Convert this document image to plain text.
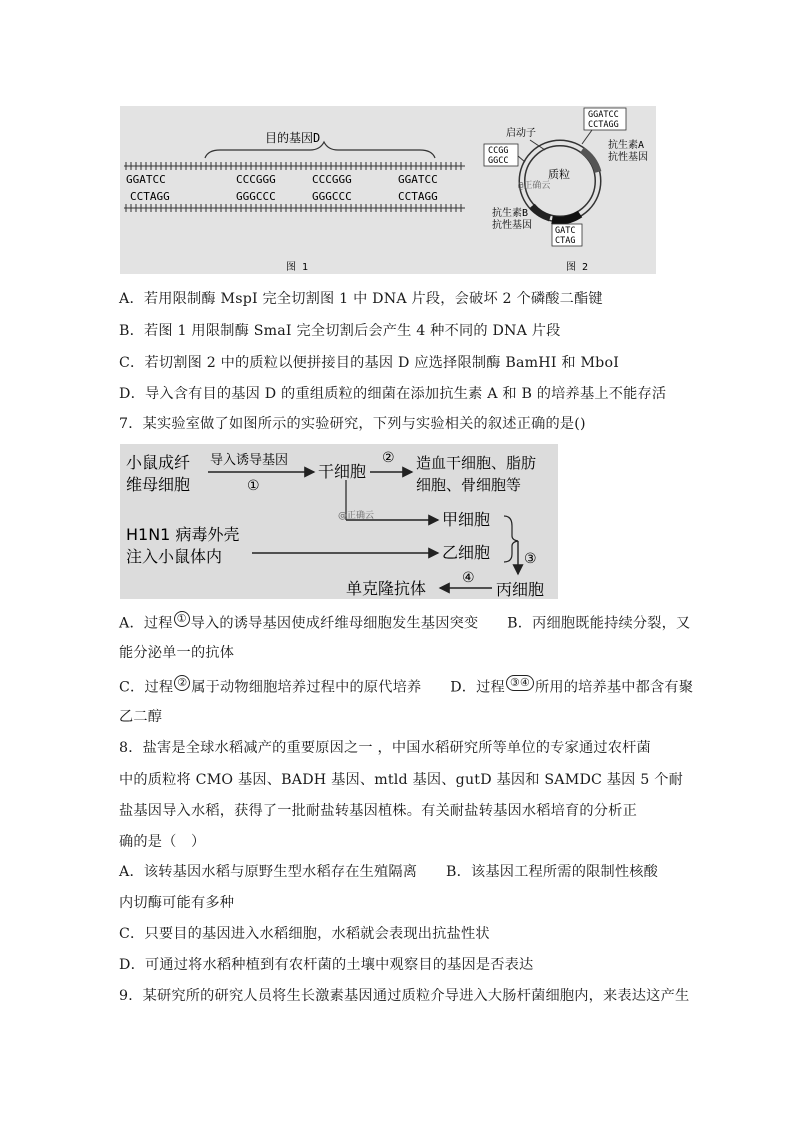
目的基因D
GGATCC	CCCGGG	CCCGGG	GGATCC
CCTAGG	GGGCCC	GGGCCC	CCTAGG
图 1
质粒
@正确云
启动子
GGATCC
CCTAGG
CCGG
GGCC
抗生素A
抗性基因
抗生素B
抗性基因	GATC
CTAG
图 2
A．若用限制酶 MspI 完全切割图 1 中 DNA 片段，会破坏 2 个磷酸二酯键
B．若图 1 用限制酶 SmaI 完全切割后会产生 4 种不同的 DNA 片段
C．若切割图 2 中的质粒以便拼接目的基因 D 应选择限制酶 BamHI 和 MboI
D．导入含有目的基因 D 的重组质粒的细菌在添加抗生素 A 和 B 的培养基上不能存活
7．某实验室做了如图所示的实验研究，下列与实验相关的叙述正确的是()
小鼠成纤
维母细胞
导入诱导基因
①
干细胞
② 造血干细胞、脂肪
细胞、骨细胞等
@正确云	甲细胞
H1N1 病毒外壳
注入小鼠体内	乙细胞 ③
丙细胞
④
单克隆抗体
A．过程 ① 导入的诱导基因使成纤维母细胞发生基因突变　　B．丙细胞既能持续分裂，又
能分泌单一的抗体
C．过程 ② 属于动物细胞培养过程中的原代培养　　D．过程 ③④ 所用的培养基中都含有聚
乙二醇
8．盐害是全球水稻减产的重要原因之一 ，中国水稻研究所等单位的专家通过农杆菌
中的质粒将 CMO 基因、BADH 基因、mtld 基因、gutD 基因和 SAMDC 基因 5 个耐
盐基因导入水稻，获得了一批耐盐转基因植株。有关耐盐转基因水稻培育的分析正
确的是（　）
A．该转基因水稻与原野生型水稻存在生殖隔离　　B．该基因工程所需的限制性核酸
内切酶可能有多种
C．只要目的基因进入水稻细胞，水稻就会表现出抗盐性状
D．可通过将水稻种植到有农杆菌的土壤中观察目的基因是否表达
9．某研究所的研究人员将生长激素基因通过质粒介导进入大肠杆菌细胞内，来表达这产生
